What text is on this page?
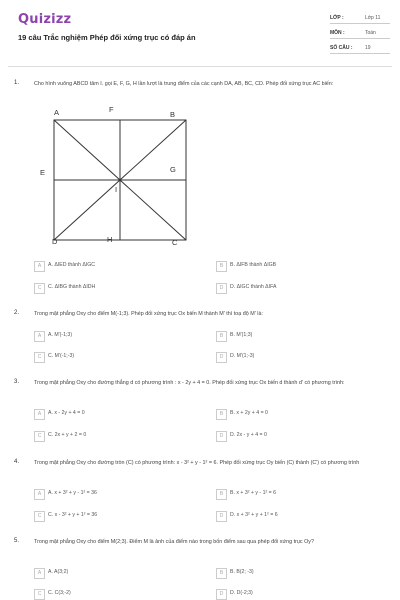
Quizizz
19 câu Trắc nghiệm Phép đối xứng trục có đáp án
LỚP :	Lớp 11
MÔN :	Toán
SỐ CÂU :	19
1.	Cho hình vuông ABCD tâm I. gọi E, F, G, H lần lượt là trung điểm của các cạnh DA, AB, BC, CD. Phép đối xứng trục AC biến:
A	F
B
E	G
I
D	H	C
A	A. ΔIED thành ΔIGC	B	B. ΔIFB thành ΔIGB
C	C. ΔIBG thành ΔIDH	D	D. ΔIGC thành ΔIFA
2.	Trong mặt phẳng Oxy cho điểm M(-1;3). Phép đối xứng trục Ox biến M thành M' thì toạ độ M' là:
A	A. M'(-1;3)	B	B. M'(1;3)
C	C. M'(-1;-3)	D	D. M'(1;-3)
3.	Trong mặt phẳng Oxy cho đường thẳng d có phương trình : x - 2y + 4 = 0. Phép đối xứng trục Ox biến d thành d' có phương trình:
A	A. x - 2y + 4 = 0	B	B. x + 2y + 4 = 0
C	C. 2x + y + 2 = 0	D	D. 2x - y + 4 = 0
4.	Trong mặt phẳng Oxy cho đường tròn (C) có phương trình: x - 3² + y - 1² = 6. Phép đối xứng trục Oy biến (C) thành (C') có phương trình
A	A. x + 3² + y - 1² = 36	B	B. x + 3² + y - 1² = 6
C	C. x - 3² + y + 1² = 36	D	D. x + 3² + y + 1² = 6
5.	Trong mặt phẳng Oxy cho điểm M(2;3). Điểm M là ảnh của điểm nào trong bốn điểm sau qua phép đối xứng trục Oy?
A	A. A(3;2)	B	B. B(2; -3)
C	C. C(3;-2)	D	D. D(-2;3)
